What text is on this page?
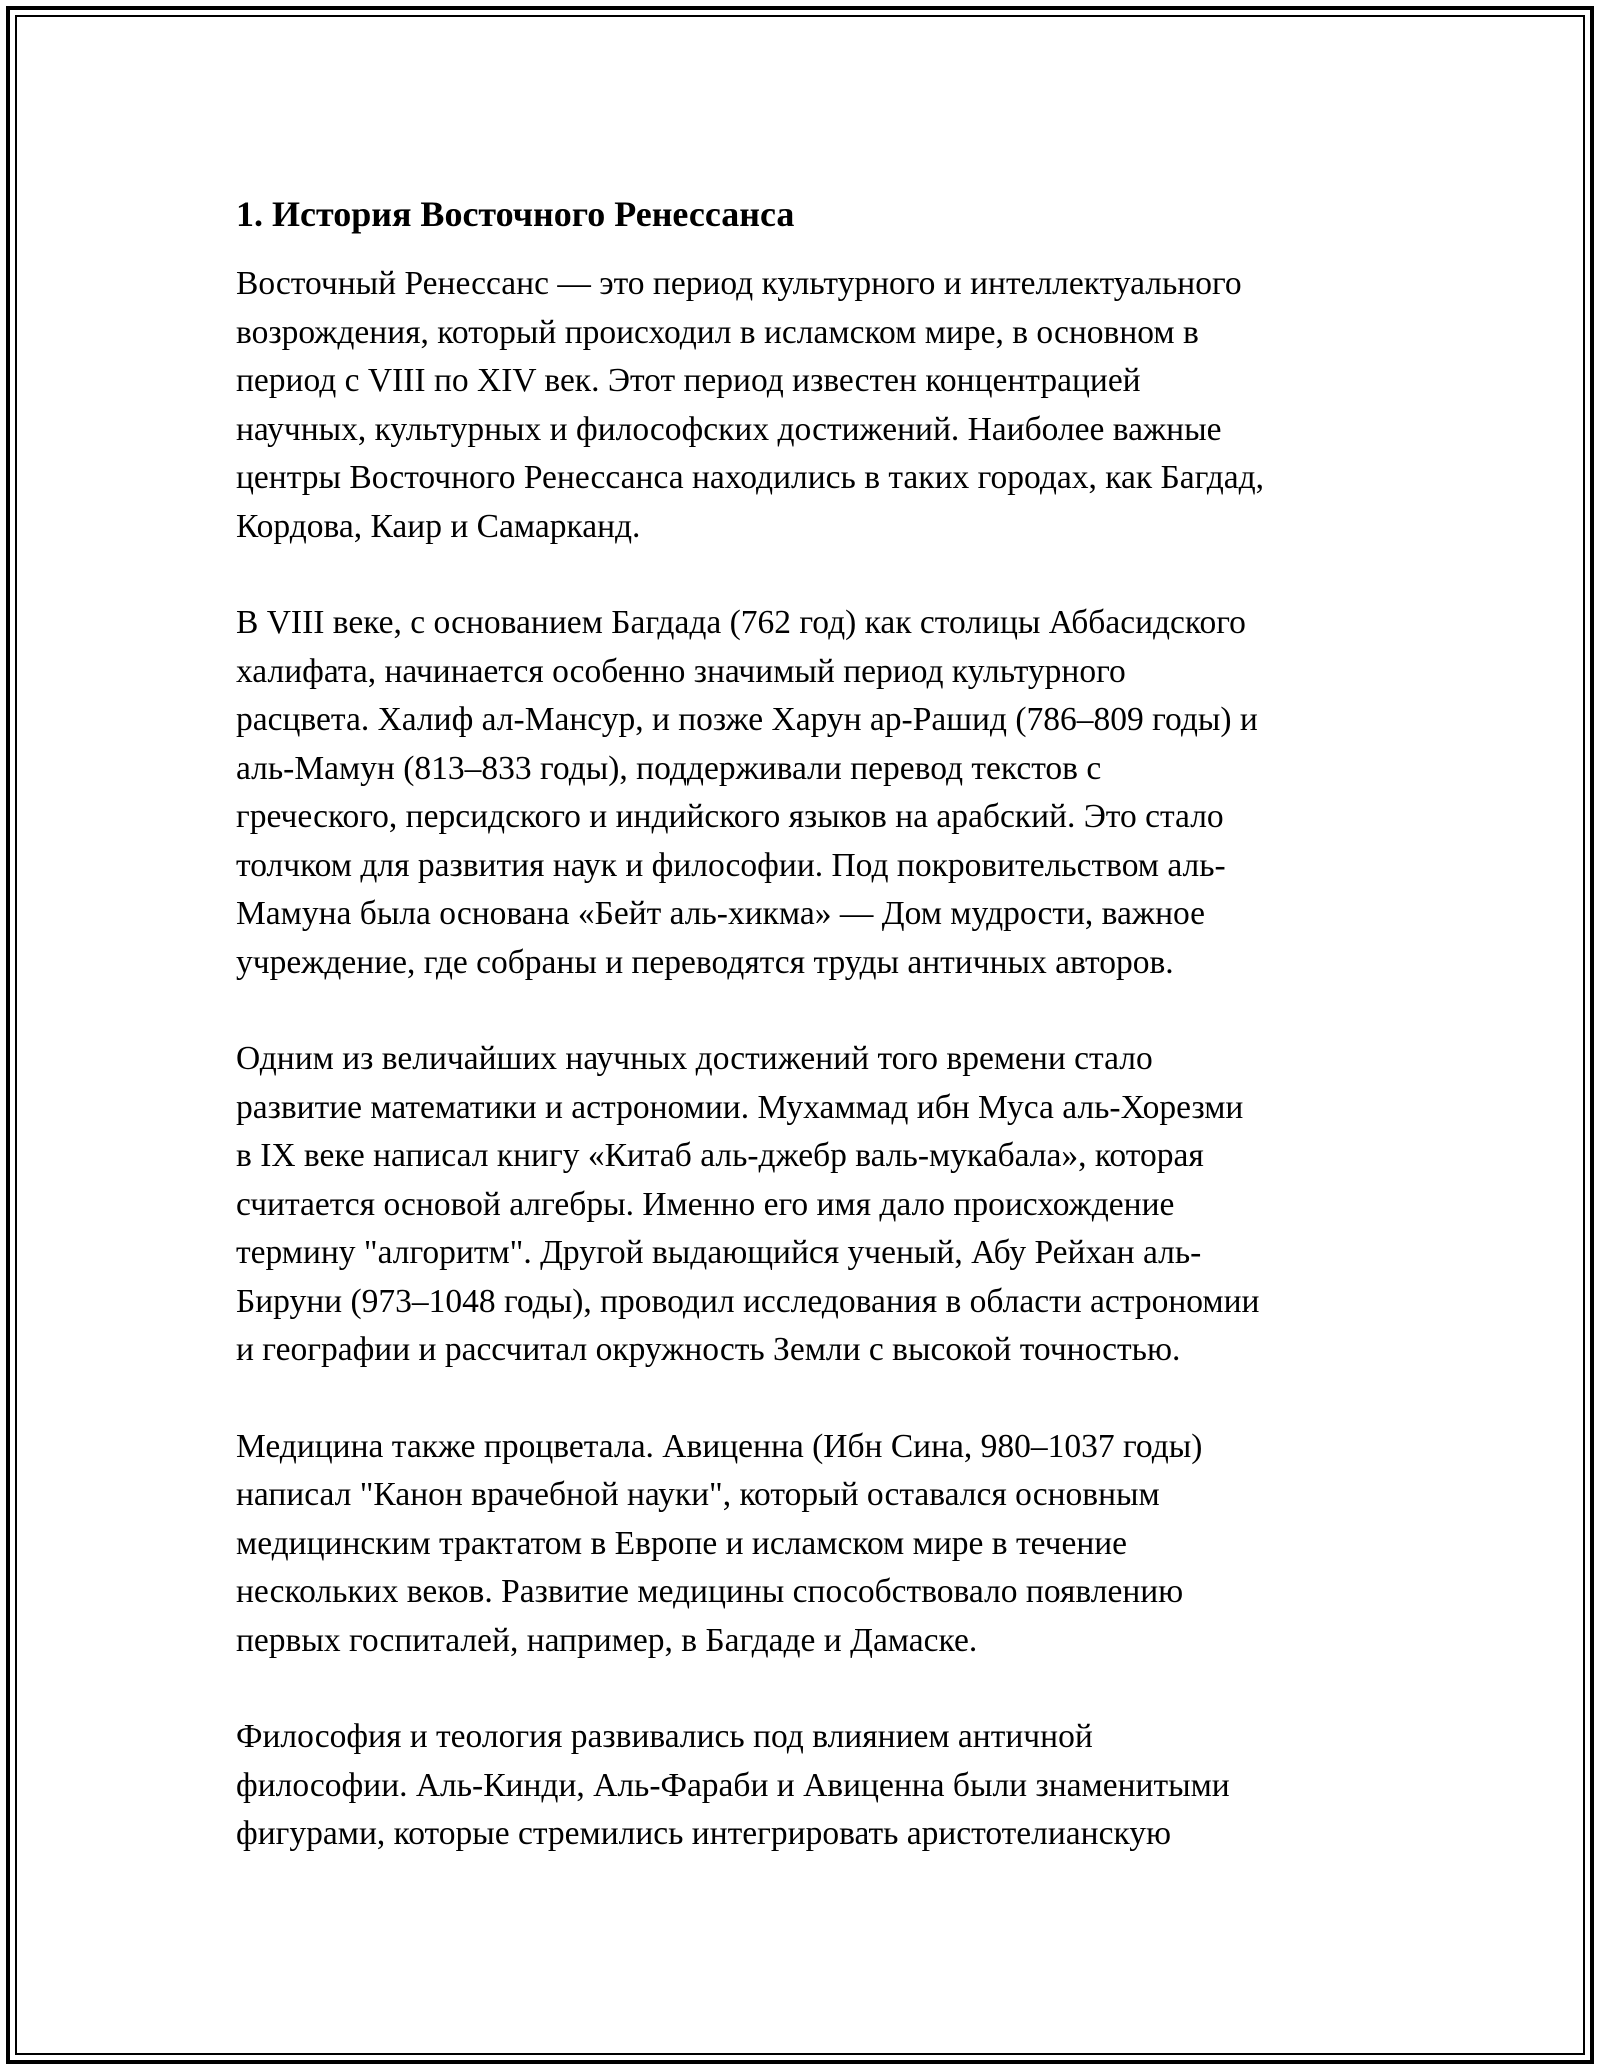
1. История Восточного Ренессанса

Восточный Ренессанс — это период культурного и интеллектуального
возрождения, который происходил в исламском мире, в основном в
период с VIII по XIV век. Этот период известен концентрацией
научных, культурных и философских достижений. Наиболее важные
центры Восточного Ренессанса находились в таких городах, как Багдад,
Кордова, Каир и Самарканд.

В VIII веке, с основанием Багдада (762 год) как столицы Аббасидского
халифата, начинается особенно значимый период культурного
расцвета. Халиф ал-Мансур, и позже Харун ар-Рашид (786–809 годы) и
аль-Мамун (813–833 годы), поддерживали перевод текстов с
греческого, персидского и индийского языков на арабский. Это стало
толчком для развития наук и философии. Под покровительством аль-
Мамуна была основана «Бейт аль-хикма» — Дом мудрости, важное
учреждение, где собраны и переводятся труды античных авторов.

Одним из величайших научных достижений того времени стало
развитие математики и астрономии. Мухаммад ибн Муса аль-Хорезми
в IX веке написал книгу «Китаб аль-джебр валь-мукабала», которая
считается основой алгебры. Именно его имя дало происхождение
термину "алгоритм". Другой выдающийся ученый, Абу Рейхан аль-
Бируни (973–1048 годы), проводил исследования в области астрономии
и географии и рассчитал окружность Земли с высокой точностью.

Медицина также процветала. Авиценна (Ибн Сина, 980–1037 годы)
написал "Канон врачебной науки", который оставался основным
медицинским трактатом в Европе и исламском мире в течение
нескольких веков. Развитие медицины способствовало появлению
первых госпиталей, например, в Багдаде и Дамаске.

Философия и теология развивались под влиянием античной
философии. Аль-Кинди, Аль-Фараби и Авиценна были знаменитыми
фигурами, которые стремились интегрировать аристотелианскую
